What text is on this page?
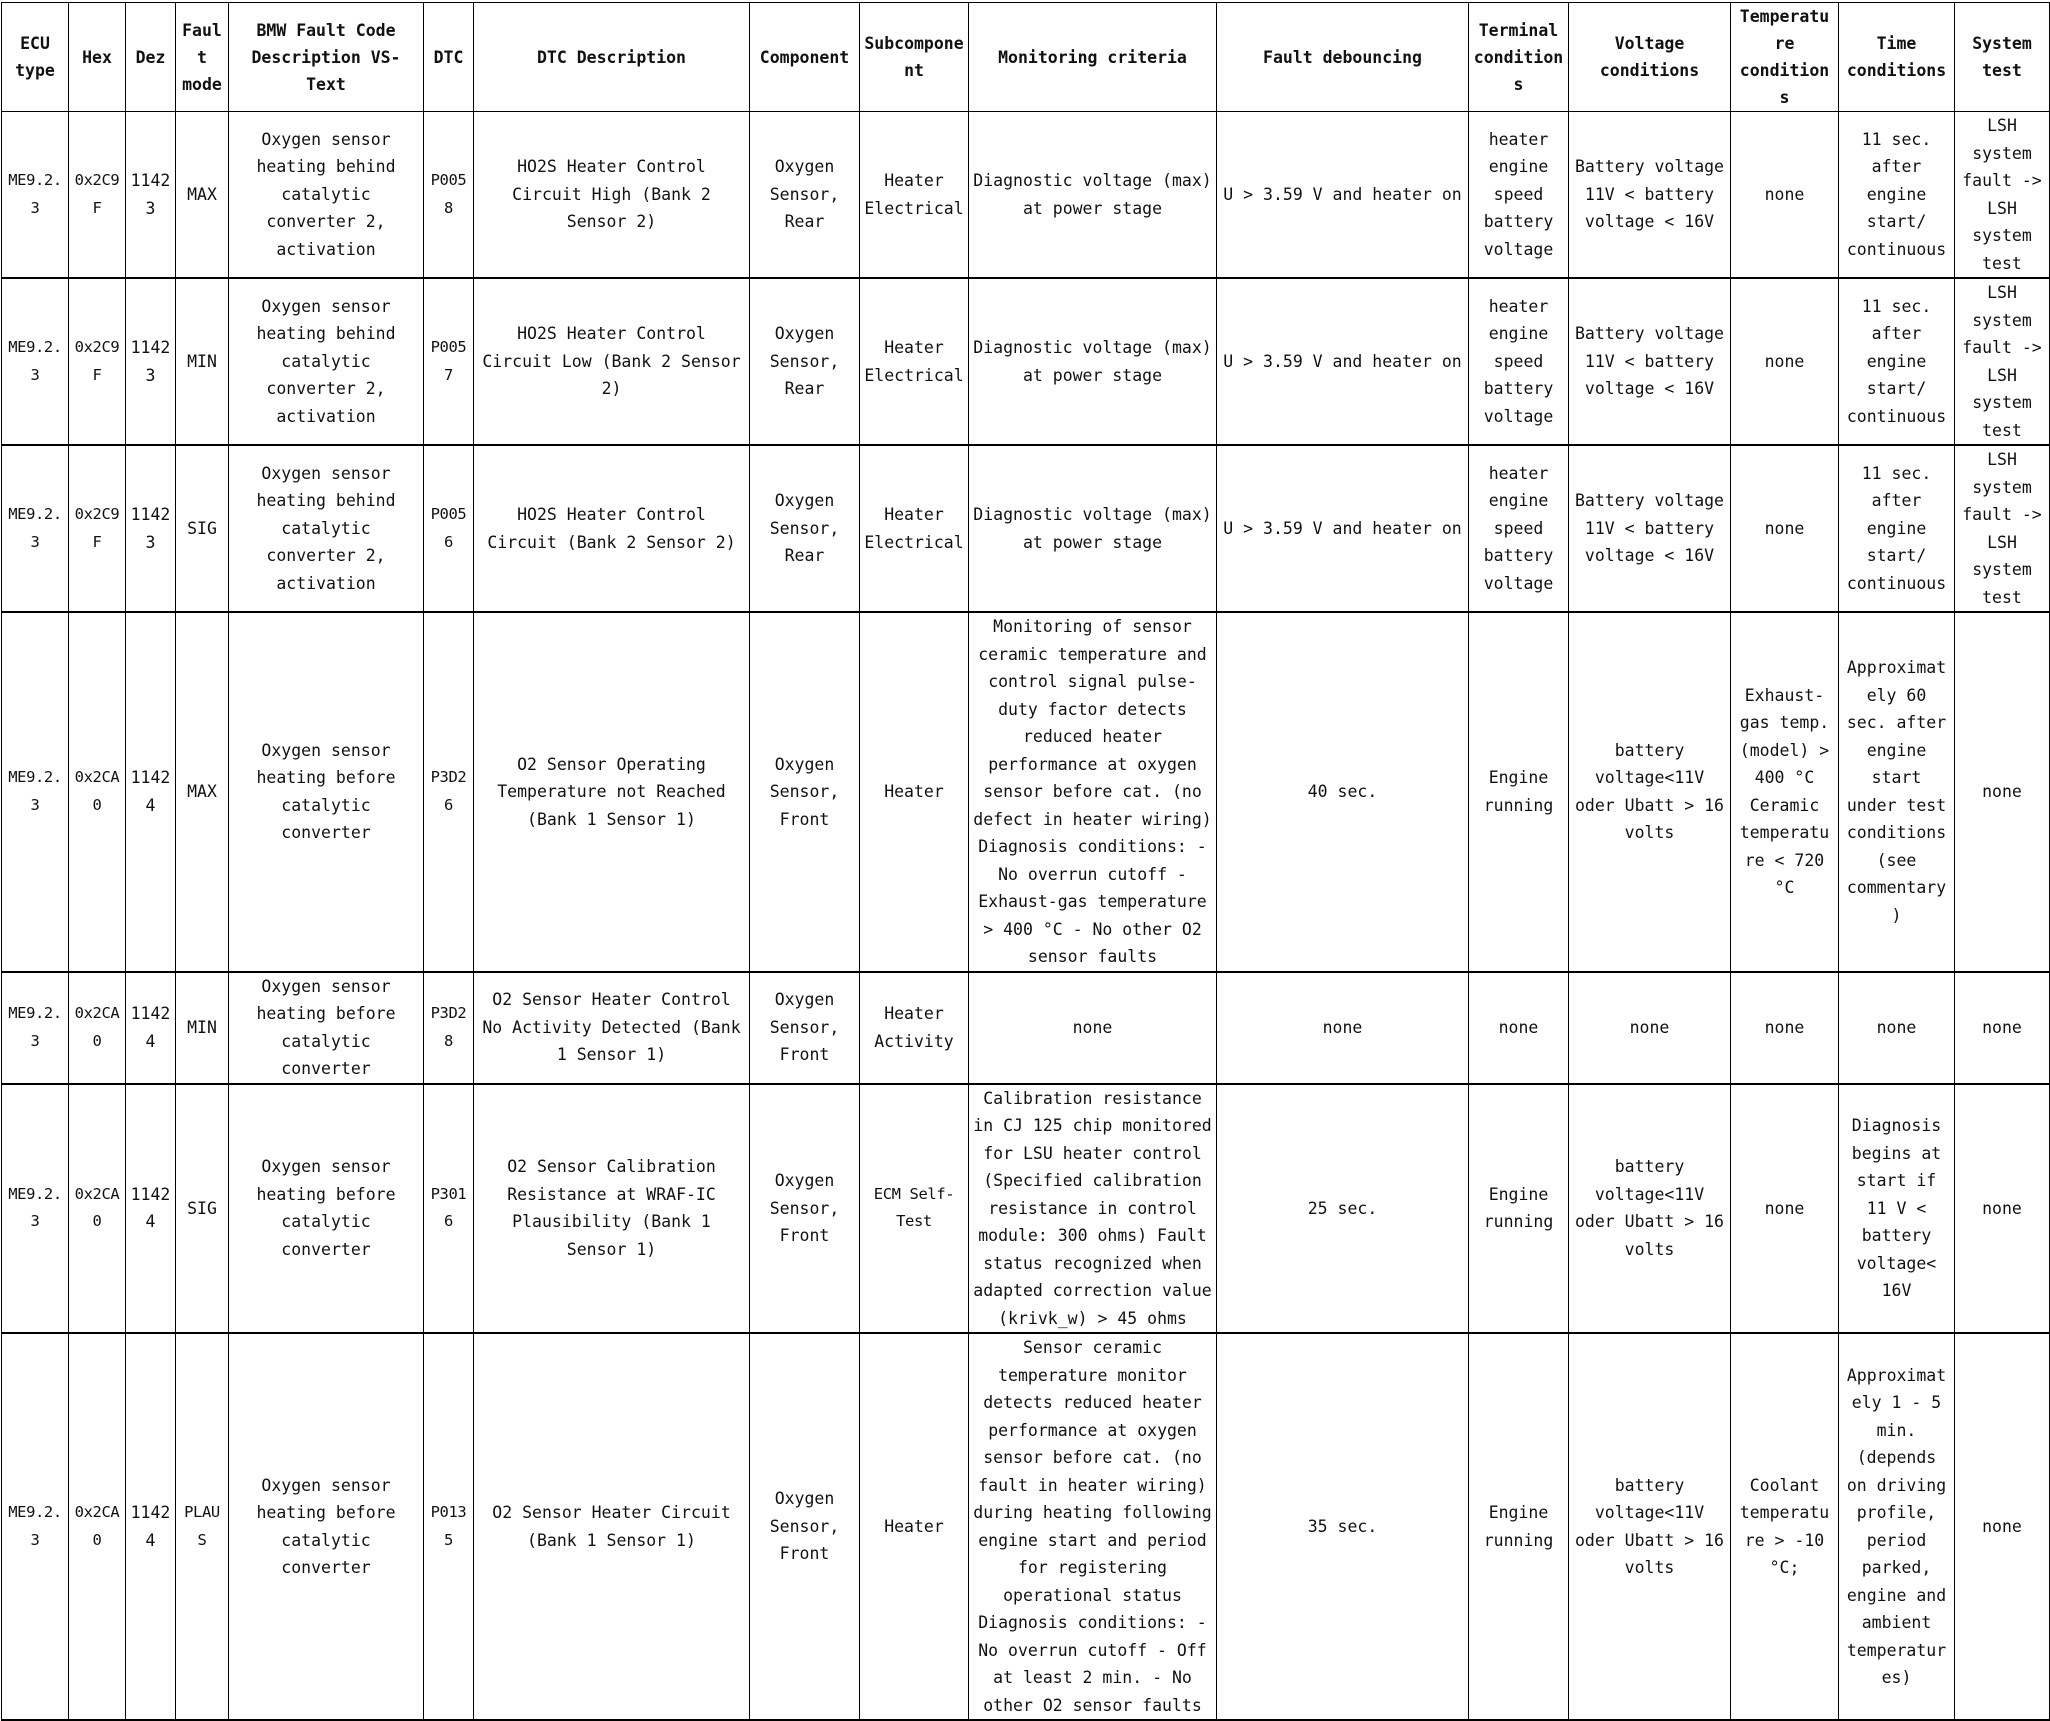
ECU type	Hex	Dez	Fault mode	BMW Fault Code Description VS-Text	DTC	DTC Description	Component	Subcomponent	Monitoring criteria	Fault debouncing	Terminal conditions	Voltage conditions	Temperature conditions	Time conditions	System test
ME9.2.3	0x2C9F	11423	MAX	Oxygen sensor heating behind catalytic converter 2, activation	P0058	HO2S Heater Control Circuit High (Bank 2 Sensor 2)	Oxygen Sensor, Rear	Heater Electrical	Diagnostic voltage (max) at power stage	U > 3.59 V and heater on	heater engine speed battery voltage	Battery voltage 11V < battery voltage < 16V	none	11 sec. after engine start/ continuous	LSH system fault -> LSH system test
ME9.2.3	0x2C9F	11423	MIN	Oxygen sensor heating behind catalytic converter 2, activation	P0057	HO2S Heater Control Circuit Low (Bank 2 Sensor 2)	Oxygen Sensor, Rear	Heater Electrical	Diagnostic voltage (max) at power stage	U > 3.59 V and heater on	heater engine speed battery voltage	Battery voltage 11V < battery voltage < 16V	none	11 sec. after engine start/ continuous	LSH system fault -> LSH system test
ME9.2.3	0x2C9F	11423	SIG	Oxygen sensor heating behind catalytic converter 2, activation	P0056	HO2S Heater Control Circuit (Bank 2 Sensor 2)	Oxygen Sensor, Rear	Heater Electrical	Diagnostic voltage (max) at power stage	U > 3.59 V and heater on	heater engine speed battery voltage	Battery voltage 11V < battery voltage < 16V	none	11 sec. after engine start/ continuous	LSH system fault -> LSH system test
ME9.2.3	0x2CA0	11424	MAX	Oxygen sensor heating before catalytic converter	P3D26	O2 Sensor Operating Temperature not Reached (Bank 1 Sensor 1)	Oxygen Sensor, Front	Heater	Monitoring of sensor ceramic temperature and control signal pulse-duty factor detects reduced heater performance at oxygen sensor before cat. (no defect in heater wiring) Diagnosis conditions: - No overrun cutoff - Exhaust-gas temperature > 400 °C - No other O2 sensor faults	40 sec.	Engine running	battery voltage<11V oder Ubatt > 16 volts	Exhaust-gas temp. (model) > 400 °C Ceramic temperature < 720 °C	Approximately 60 sec. after engine start under test conditions (see commentary)	none
ME9.2.3	0x2CA0	11424	MIN	Oxygen sensor heating before catalytic converter	P3D28	O2 Sensor Heater Control No Activity Detected (Bank 1 Sensor 1)	Oxygen Sensor, Front	Heater Activity	none	none	none	none	none	none	none
ME9.2.3	0x2CA0	11424	SIG	Oxygen sensor heating before catalytic converter	P3016	O2 Sensor Calibration Resistance at WRAF-IC Plausibility (Bank 1 Sensor 1)	Oxygen Sensor, Front	ECM Self-Test	Calibration resistance in CJ 125 chip monitored for LSU heater control (Specified calibration resistance in control module: 300 ohms) Fault status recognized when adapted correction value (krivk_w) > 45 ohms	25 sec.	Engine running	battery voltage<11V oder Ubatt > 16 volts	none	Diagnosis begins at start if 11 V < battery voltage< 16V	none
ME9.2.3	0x2CA0	11424	PLAUS	Oxygen sensor heating before catalytic converter	P0135	O2 Sensor Heater Circuit (Bank 1 Sensor 1)	Oxygen Sensor, Front	Heater	Sensor ceramic temperature monitor detects reduced heater performance at oxygen sensor before cat. (no fault in heater wiring) during heating following engine start and period for registering operational status Diagnosis conditions: - No overrun cutoff - Off at least 2 min. - No other O2 sensor faults	35 sec.	Engine running	battery voltage<11V oder Ubatt > 16 volts	Coolant temperature > -10 °C;	Approximately 1 - 5 min. (depends on driving profile, period parked, engine and ambient temperatures)	none
